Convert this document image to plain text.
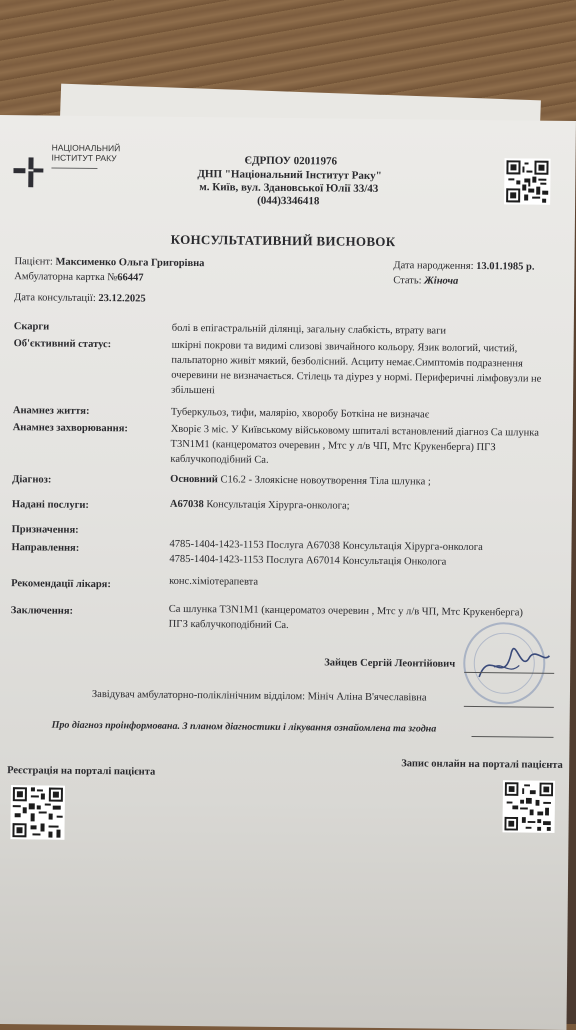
НАЦІОНАЛЬНИЙ
ІНСТИТУТ РАКУ	ЄДРПОУ 02011976
ДНП "Національний Інститут Раку"
м. Київ, вул. Здановської Юлії 33/43
(044)3346418
КОНСУЛЬТАТИВНИЙ ВИСНОВОК
Пацієнт: Максименко Ольга Григорівна
Амбулаторна картка №66447
Дата народження: 13.01.1985 р.
Стать: Жіноча
Дата консультації: 23.12.2025
Скарги	болі в епігастральній ділянці, загальну слабкість, втрату ваги
Об'єктивний статус:	шкірні покрови та видимі слизові звичайного кольору. Язик вологий, чистий,
пальпаторно живіт мякий, безболісний. Асциту немає.Симптомів подразнення
очеревини не визначається. Стілець та діурез у нормі. Периферичні лімфовузли не
збільшені
Анамнез життя:	Туберкульоз, тифи, малярію, хворобу Боткіна не визначає
Анамнез захворювання:	Хворіє 3 міс. У Київському військовому шпиталі встановлений діагноз Са шлунка
T3N1M1 (канцероматоз очеревин , Мтс у л/в ЧП, Мтс Крукенберга) ПГЗ
каблучкоподібний Са.
Діагноз:	Основний C16.2 - Злоякісне новоутворення Тіла шлунка ;
Надані послуги:	A67038 Консультація Хірурга-онколога;
Призначення:
Направлення:	4785-1404-1423-1153 Послуга A67038 Консультація Хірурга-онколога
4785-1404-1423-1153 Послуга A67014 Консультація Онколога
Рекомендації лікаря:	конс.хіміотерапевта
Заключення:	Са шлунка T3N1M1 (канцероматоз очеревин , Мтс у л/в ЧП, Мтс Крукенберга)
ПГЗ каблучкоподібний Са.
Зайцев Сергій Леонтійович
Завідувач амбулаторно-поліклінічним відділом: Мініч Аліна В'ячеславівна
Про діагноз проінформована. З планом діагностики і лікування ознайомлена та згодна
Реєстрація на порталі пацієнта
Запис онлайн на порталі пацієнта
